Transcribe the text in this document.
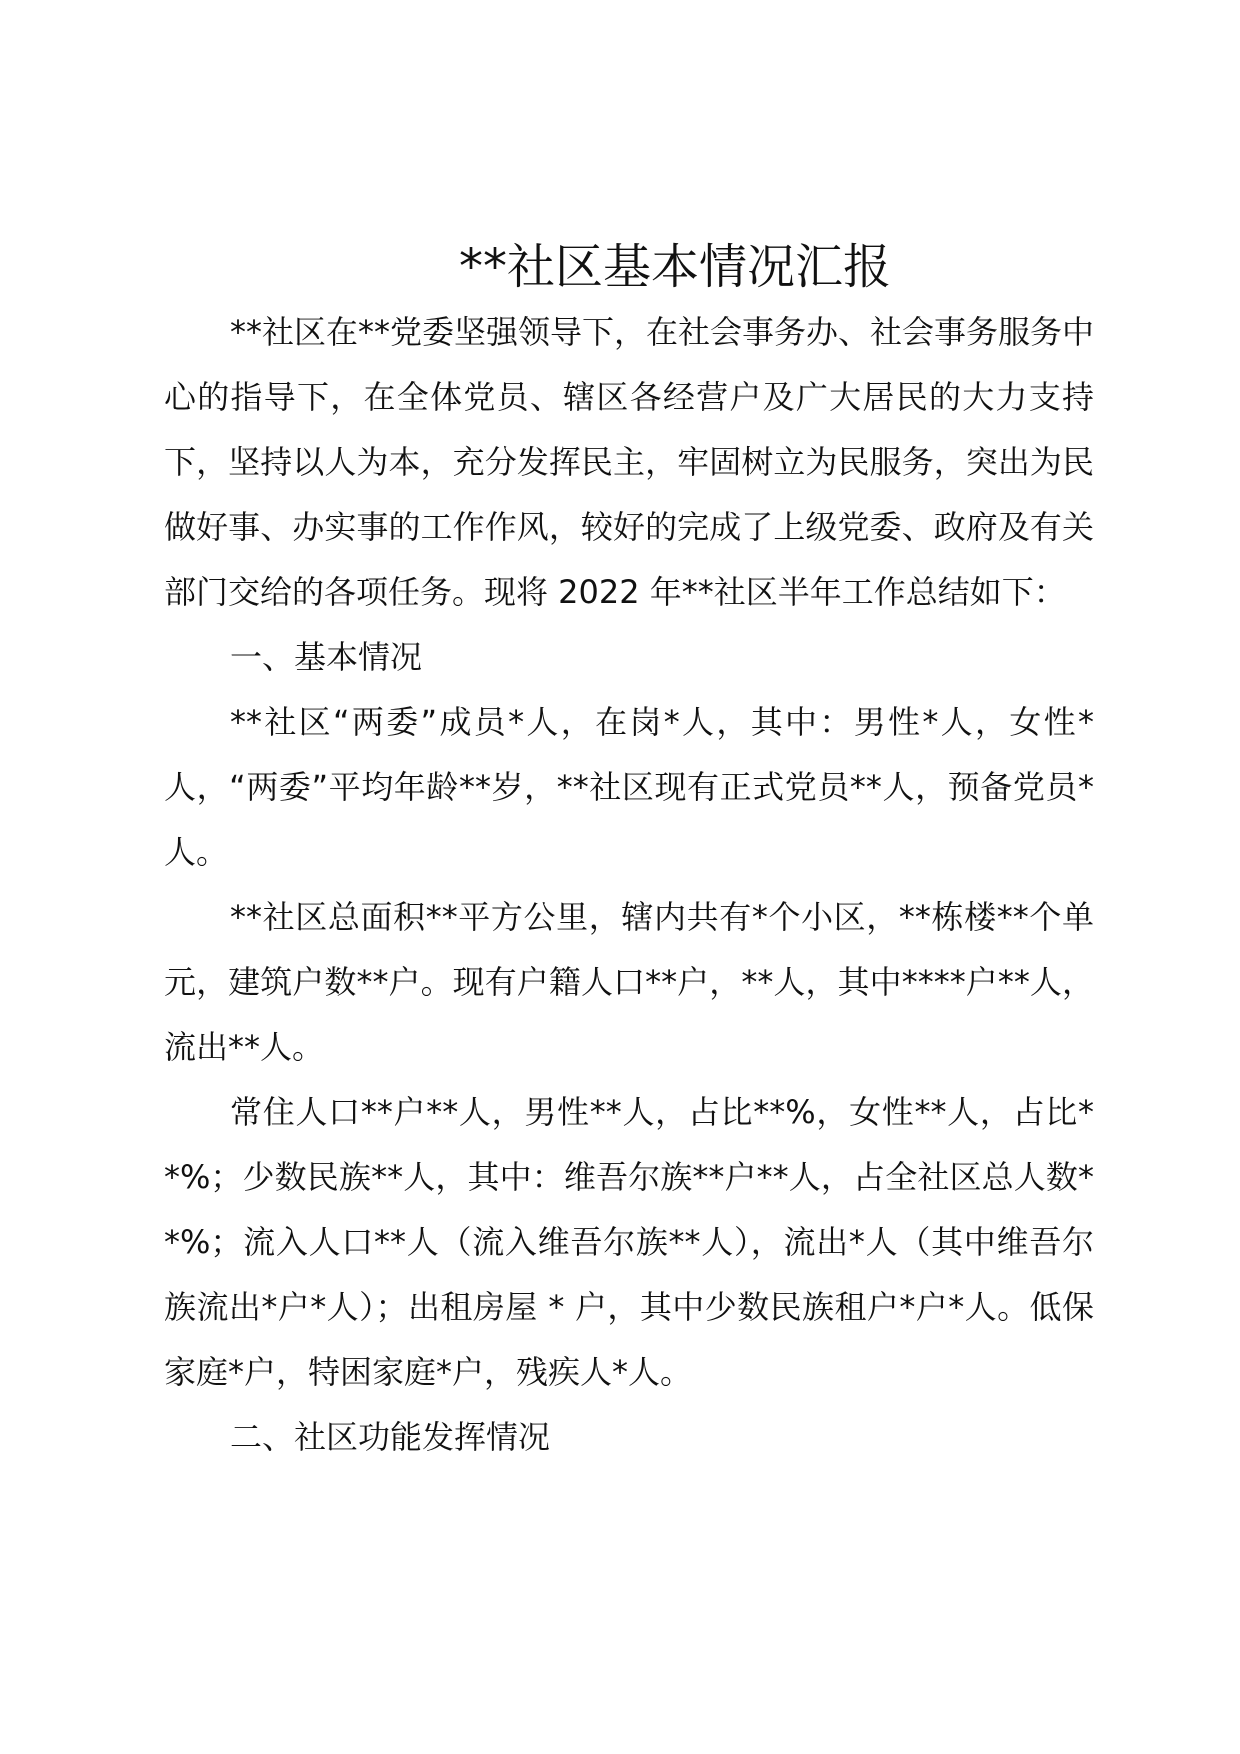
**社区基本情况汇报

**社区在**党委坚强领导下，在社会事务办、社会事务服务中心的指导下，在全体党员、辖区各经营户及广大居民的大力支持下，坚持以人为本，充分发挥民主，牢固树立为民服务，突出为民做好事、办实事的工作作风，较好的完成了上级党委、政府及有关部门交给的各项任务。现将 2022 年**社区半年工作总结如下：

一、基本情况

**社区“两委”成员*人，在岗*人，其中：男性*人，女性*人，“两委”平均年龄**岁，**社区现有正式党员**人，预备党员*人。

**社区总面积**平方公里，辖内共有*个小区，**栋楼**个单元，建筑户数**户。现有户籍人口**户，**人，其中****户**人，流出**人。

常住人口**户**人，男性**人，占比**%，女性**人，占比**%；少数民族**人，其中：维吾尔族**户**人，占全社区总人数**%；流入人口**人（流入维吾尔族**人），流出*人（其中维吾尔族流出*户*人）；出租房屋 * 户，其中少数民族租户*户*人。低保家庭*户，特困家庭*户，残疾人*人。

二、社区功能发挥情况
